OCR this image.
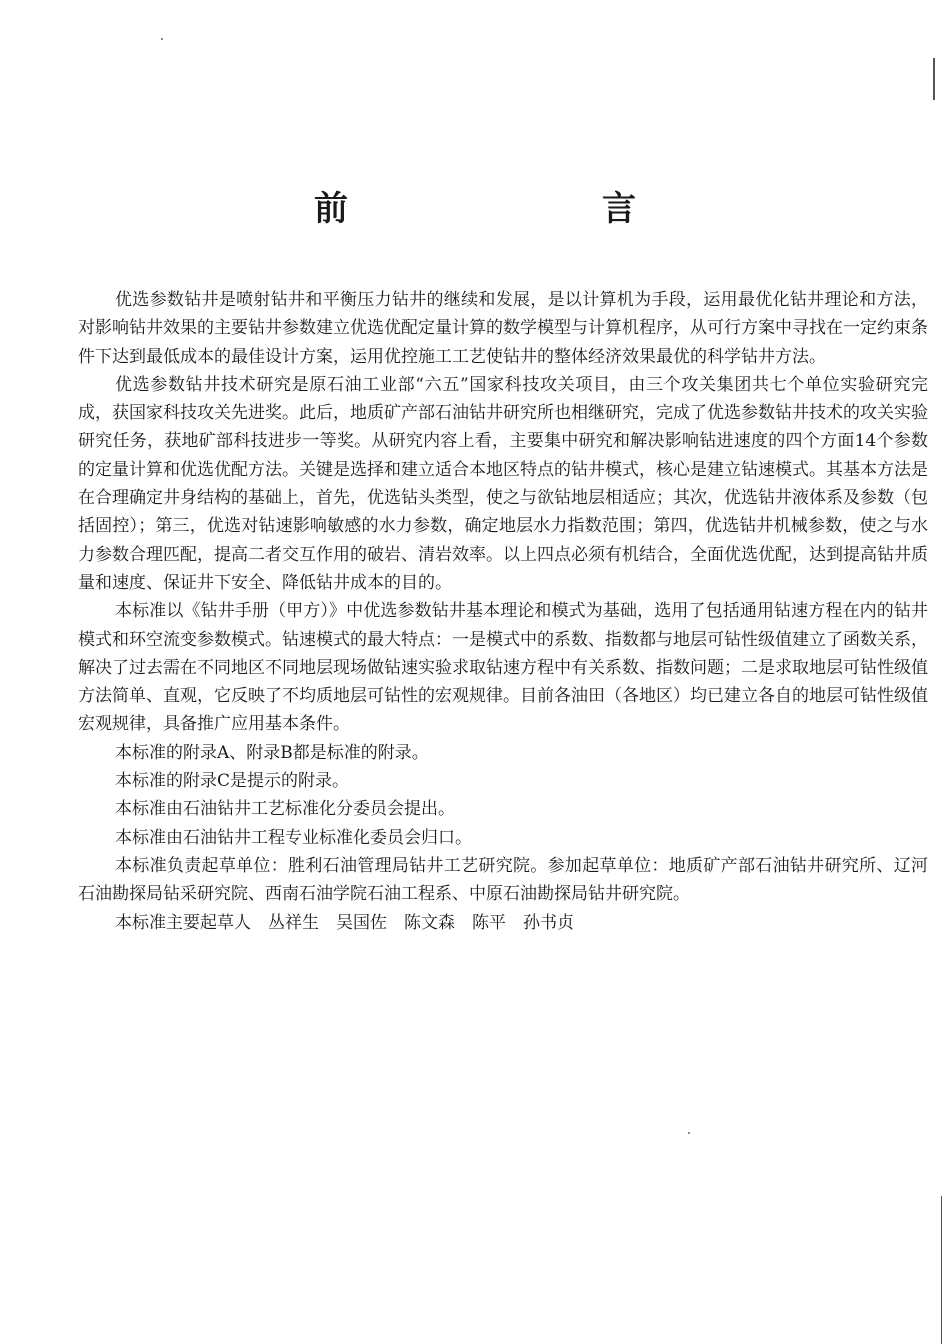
前　言

优选参数钻井是喷射钻井和平衡压力钻井的继续和发展，是以计算机为手段，运用最优化钻井理论和方法，对影响钻井效果的主要钻井参数建立优选优配定量计算的数学模型与计算机程序，从可行方案中寻找在一定约束条件下达到最低成本的最佳设计方案，运用优控施工工艺使钻井的整体经济效果最优的科学钻井方法。

优选参数钻井技术研究是原石油工业部“六五”国家科技攻关项目，由三个攻关集团共七个单位实验研究完成，获国家科技攻关先进奖。此后，地质矿产部石油钻井研究所也相继研究，完成了优选参数钻井技术的攻关实验研究任务，获地矿部科技进步一等奖。从研究内容上看，主要集中研究和解决影响钻进速度的四个方面14个参数的定量计算和优选优配方法。关键是选择和建立适合本地区特点的钻井模式，核心是建立钻速模式。其基本方法是在合理确定井身结构的基础上，首先，优选钻头类型，使之与欲钻地层相适应；其次，优选钻井液体系及参数（包括固控）；第三，优选对钻速影响敏感的水力参数，确定地层水力指数范围；第四，优选钻井机械参数，使之与水力参数合理匹配，提高二者交互作用的破岩、清岩效率。以上四点必须有机结合，全面优选优配，达到提高钻井质量和速度、保证井下安全、降低钻井成本的目的。

本标准以《钻井手册（甲方）》中优选参数钻井基本理论和模式为基础，选用了包括通用钻速方程在内的钻井模式和环空流变参数模式。钻速模式的最大特点：一是模式中的系数、指数都与地层可钻性级值建立了函数关系，解决了过去需在不同地区不同地层现场做钻速实验求取钻速方程中有关系数、指数问题；二是求取地层可钻性级值方法简单、直观，它反映了不均质地层可钻性的宏观规律。目前各油田（各地区）均已建立各自的地层可钻性级值宏观规律，具备推广应用基本条件。

本标准的附录A、附录B都是标准的附录。

本标准的附录C是提示的附录。

本标准由石油钻井工艺标准化分委员会提出。

本标准由石油钻井工程专业标准化委员会归口。

本标准负责起草单位：胜利石油管理局钻井工艺研究院。参加起草单位：地质矿产部石油钻井研究所、辽河石油勘探局钻采研究院、西南石油学院石油工程系、中原石油勘探局钻井研究院。

本标准主要起草人　丛祥生　吴国佐　陈文森　陈平　孙书贞
